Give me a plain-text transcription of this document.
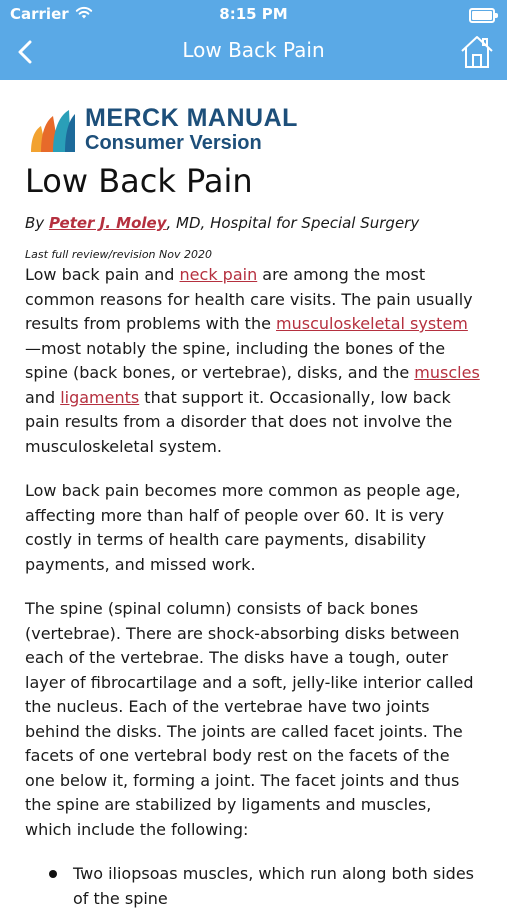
Carrier	8:15 PM
Low Back Pain
MERCK MANUAL
Consumer Version
Low Back Pain
By Peter J. Moley, MD, Hospital for Special Surgery
Last full review/revision Nov 2020

Low back pain and neck pain are among the most common reasons for health care visits. The pain usually results from problems with the musculoskeletal system—most notably the spine, including the bones of the spine (back bones, or vertebrae), disks, and the muscles and ligaments that support it. Occasionally, low back pain results from a disorder that does not involve the musculoskeletal system.

Low back pain becomes more common as people age, affecting more than half of people over 60. It is very costly in terms of health care payments, disability payments, and missed work.

The spine (spinal column) consists of back bones (vertebrae). There are shock-absorbing disks between each of the vertebrae. The disks have a tough, outer layer of fibrocartilage and a soft, jelly-like interior called the nucleus. Each of the vertebrae have two joints behind the disks. The joints are called facet joints. The facets of one vertebral body rest on the facets of the one below it, forming a joint. The facet joints and thus the spine are stabilized by ligaments and muscles, which include the following:

Two iliopsoas muscles, which run along both sides of the spine
